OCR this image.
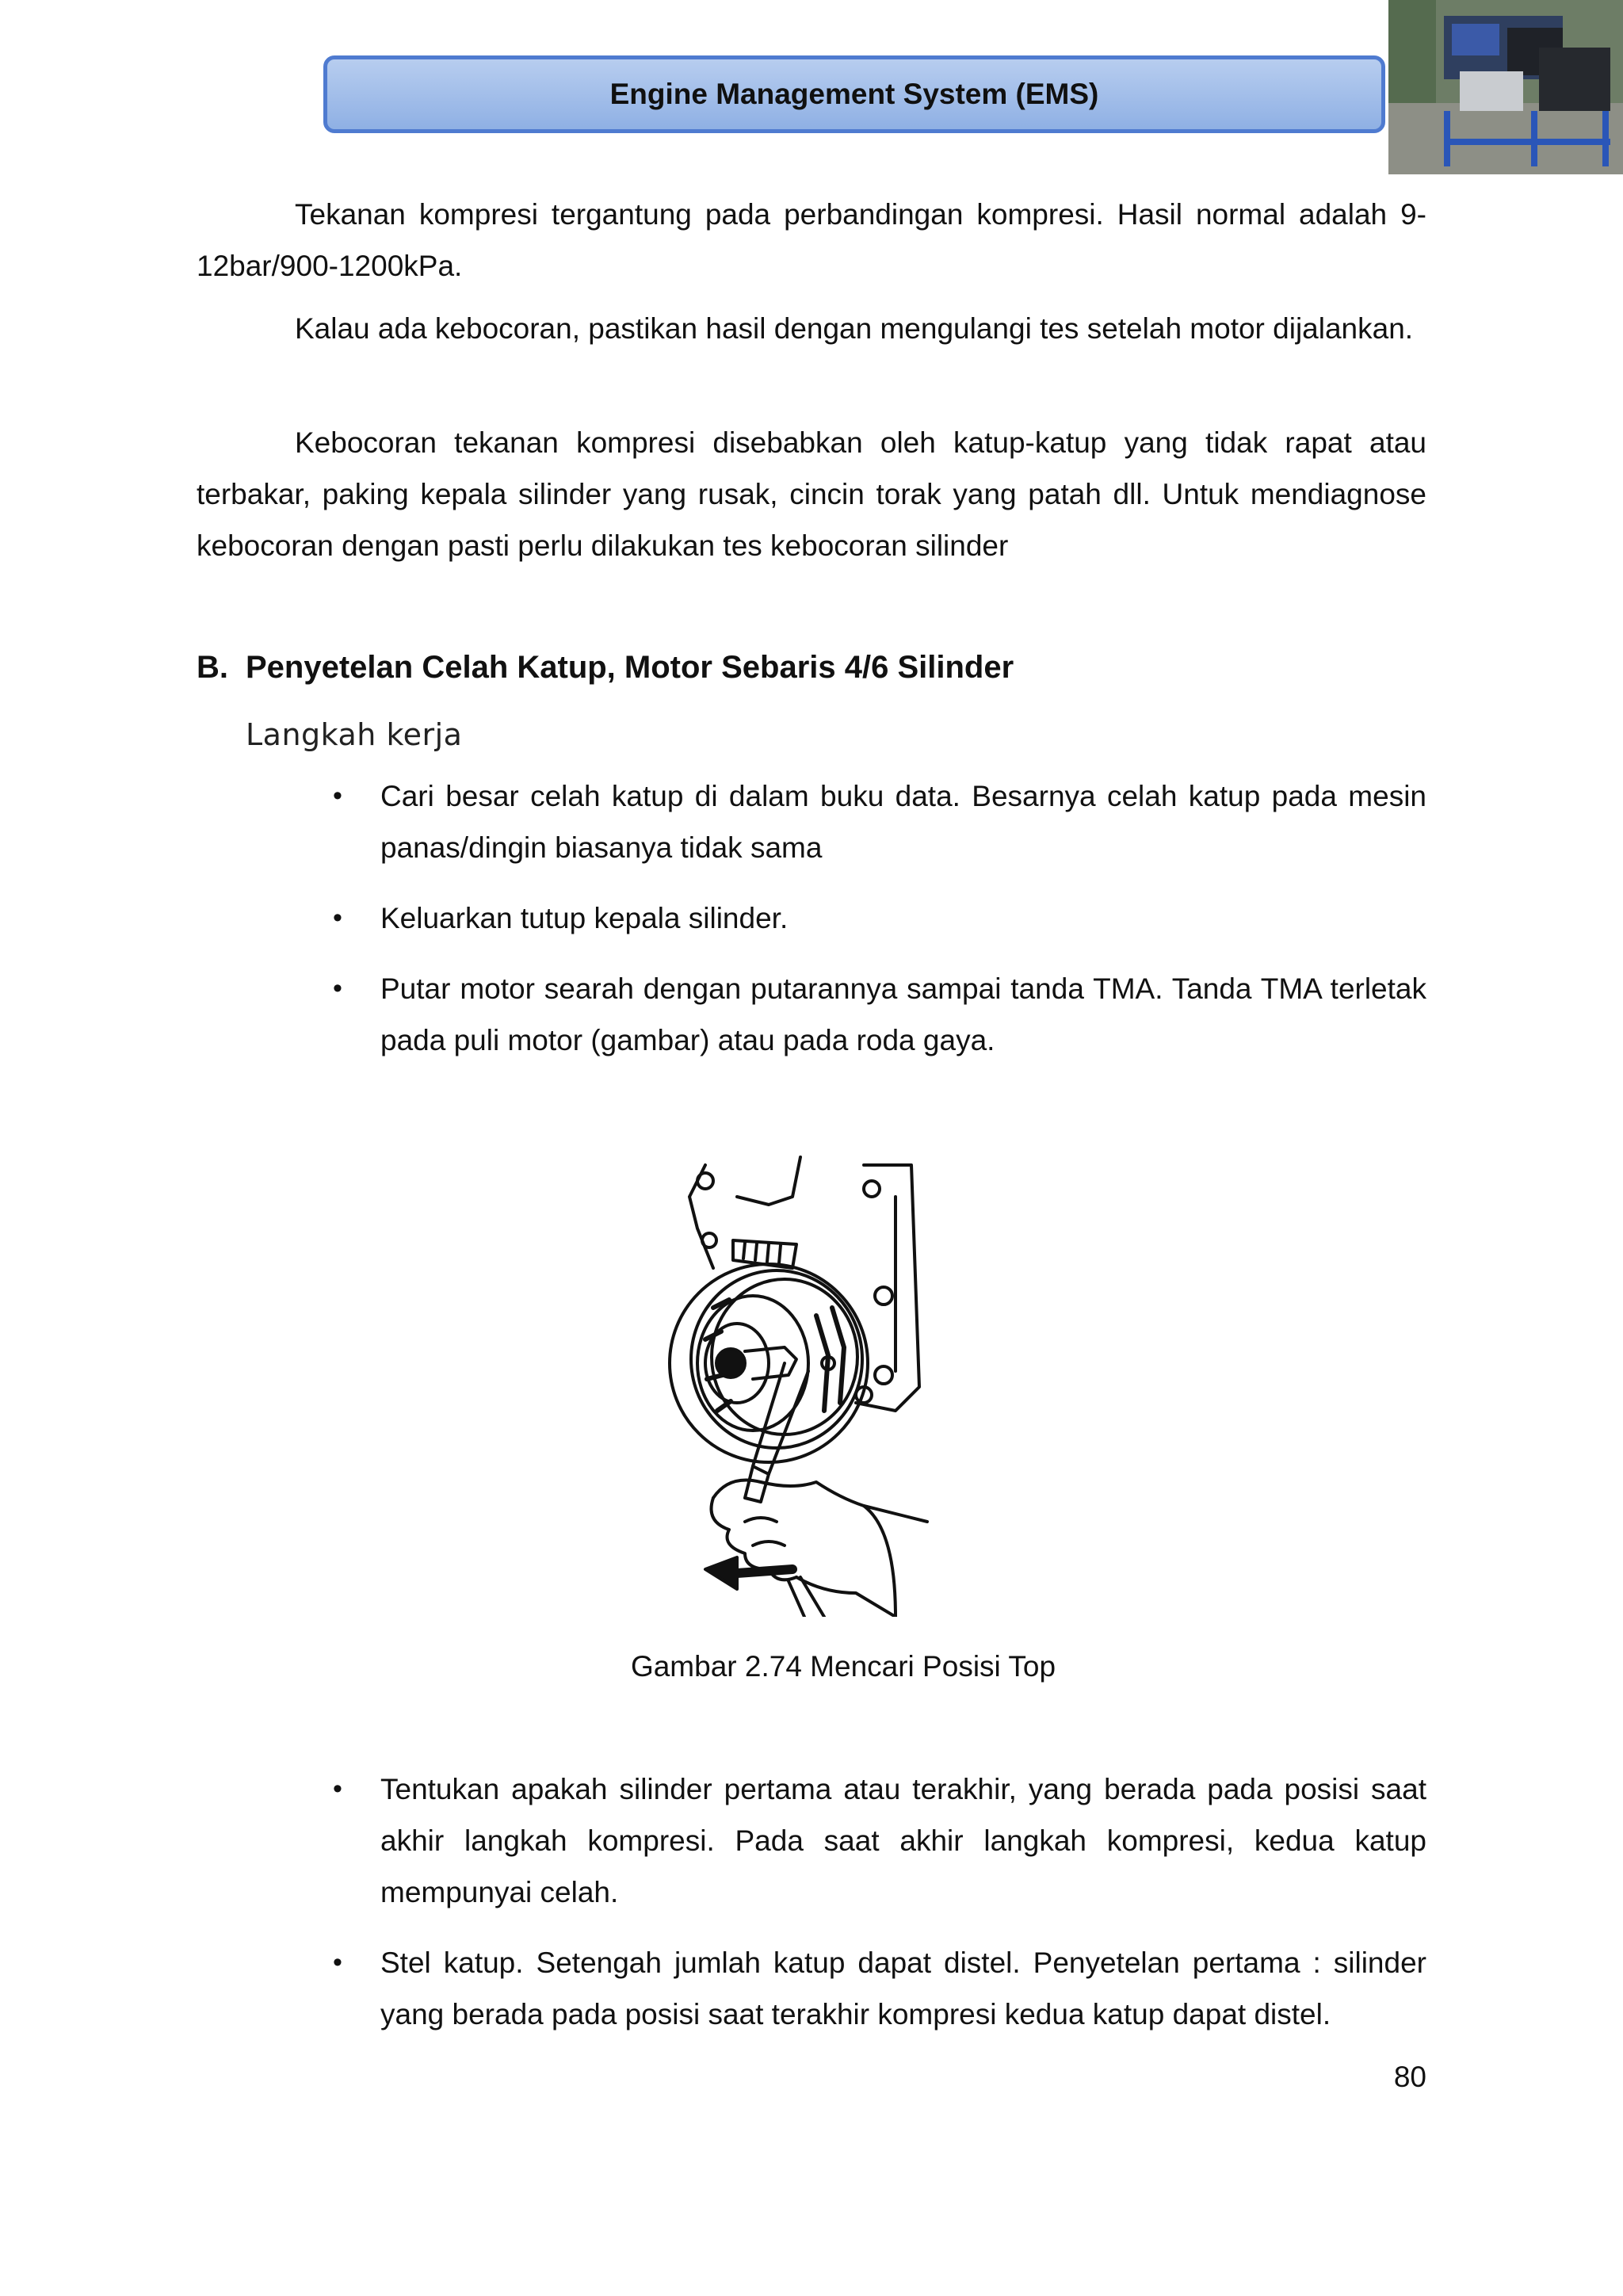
Engine Management System (EMS)

Tekanan kompresi tergantung pada perbandingan kompresi. Hasil normal adalah 9-12bar/900-1200kPa.

Kalau ada kebocoran, pastikan hasil dengan mengulangi tes setelah motor dijalankan.

Kebocoran tekanan kompresi disebabkan oleh katup-katup yang tidak rapat atau terbakar, paking kepala silinder yang rusak, cincin torak yang patah dll. Untuk mendiagnose kebocoran dengan pasti perlu dilakukan tes kebocoran silinder

B. Penyetelan Celah Katup, Motor Sebaris 4/6 Silinder
Langkah kerja
•	Cari besar celah katup di dalam buku data. Besarnya celah katup pada mesin panas/dingin biasanya tidak sama
•	Keluarkan tutup kepala silinder.
•	Putar motor searah dengan putarannya sampai tanda TMA. Tanda TMA terletak pada puli motor (gambar) atau pada roda gaya.
Gambar 2.74 Mencari Posisi Top
•	Tentukan apakah silinder pertama atau terakhir, yang berada pada posisi saat akhir langkah kompresi. Pada saat akhir langkah kompresi, kedua katup mempunyai celah.
•	Stel katup. Setengah jumlah katup dapat distel. Penyetelan pertama : silinder yang berada pada posisi saat terakhir kompresi kedua katup dapat distel.
80
